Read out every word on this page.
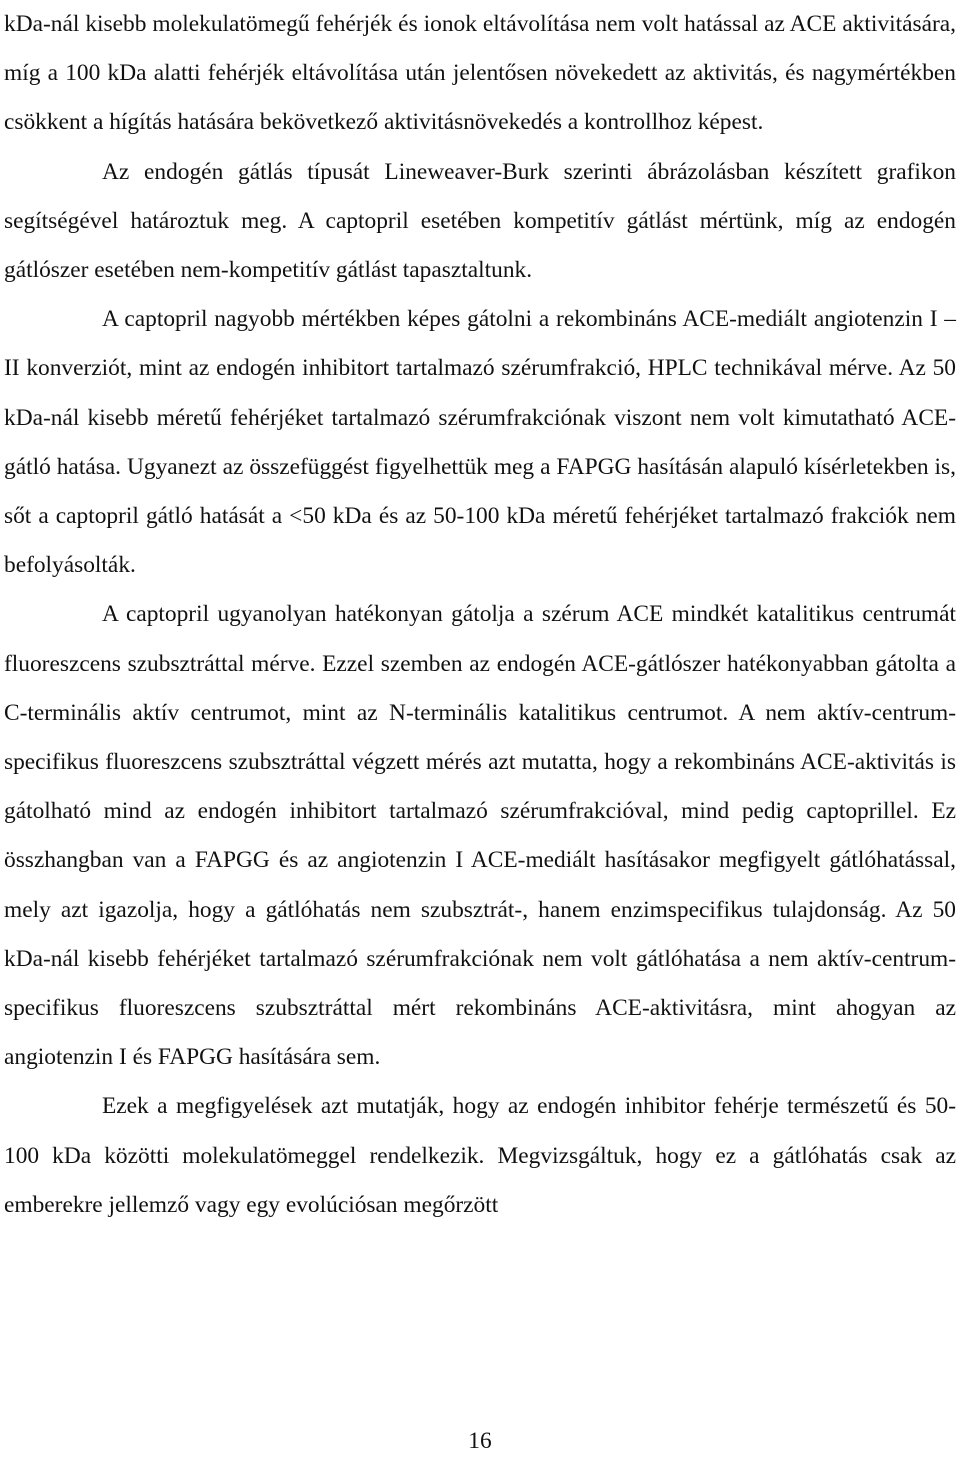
kDa-nál kisebb molekulatömegű fehérjék és ionok eltávolítása nem volt hatással az ACE aktivitására, míg a 100 kDa alatti fehérjék eltávolítása után jelentősen növekedett az aktivitás, és nagymértékben csökkent a hígítás hatására bekövetkező aktivitásnövekedés a kontrollhoz képest.

Az endogén gátlás típusát Lineweaver-Burk szerinti ábrázolásban készített grafikon segítségével határoztuk meg. A captopril esetében kompetitív gátlást mértünk, míg az endogén gátlószer esetében nem-kompetitív gátlást tapasztaltunk.

A captopril nagyobb mértékben képes gátolni a rekombináns ACE-mediált angiotenzin I – II konverziót, mint az endogén inhibitort tartalmazó szérumfrakció, HPLC technikával mérve. Az 50 kDa-nál kisebb méretű fehérjéket tartalmazó szérumfrakciónak viszont nem volt kimutatható ACE-gátló hatása. Ugyanezt az összefüggést figyelhettük meg a FAPGG hasításán alapuló kísérletekben is, sőt a captopril gátló hatását a <50 kDa és az 50-100 kDa méretű fehérjéket tartalmazó frakciók nem befolyásolták.

A captopril ugyanolyan hatékonyan gátolja a szérum ACE mindkét katalitikus centrumát fluoreszcens szubsztráttal mérve. Ezzel szemben az endogén ACE-gátlószer hatékonyabban gátolta a C-terminális aktív centrumot, mint az N-terminális katalitikus centrumot. A nem aktív-centrum-specifikus fluoreszcens szubsztráttal végzett mérés azt mutatta, hogy a rekombináns ACE-aktivitás is gátolható mind az endogén inhibitort tartalmazó szérumfrakcióval, mind pedig captoprillel. Ez összhangban van a FAPGG és az angiotenzin I ACE-mediált hasításakor megfigyelt gátlóhatással, mely azt igazolja, hogy a gátlóhatás nem szubsztrát-, hanem enzimspecifikus tulajdonság. Az 50 kDa-nál kisebb fehérjéket tartalmazó szérumfrakciónak nem volt gátlóhatása a nem aktív-centrum-specifikus fluoreszcens szubsztráttal mért rekombináns ACE-aktivitásra, mint ahogyan az angiotenzin I és FAPGG hasítására sem.

Ezek a megfigyelések azt mutatják, hogy az endogén inhibitor fehérje természetű és 50-100 kDa közötti molekulatömeggel rendelkezik. Megvizsgáltuk, hogy ez a gátlóhatás csak az emberekre jellemző vagy egy evolúciósan megőrzött

16
